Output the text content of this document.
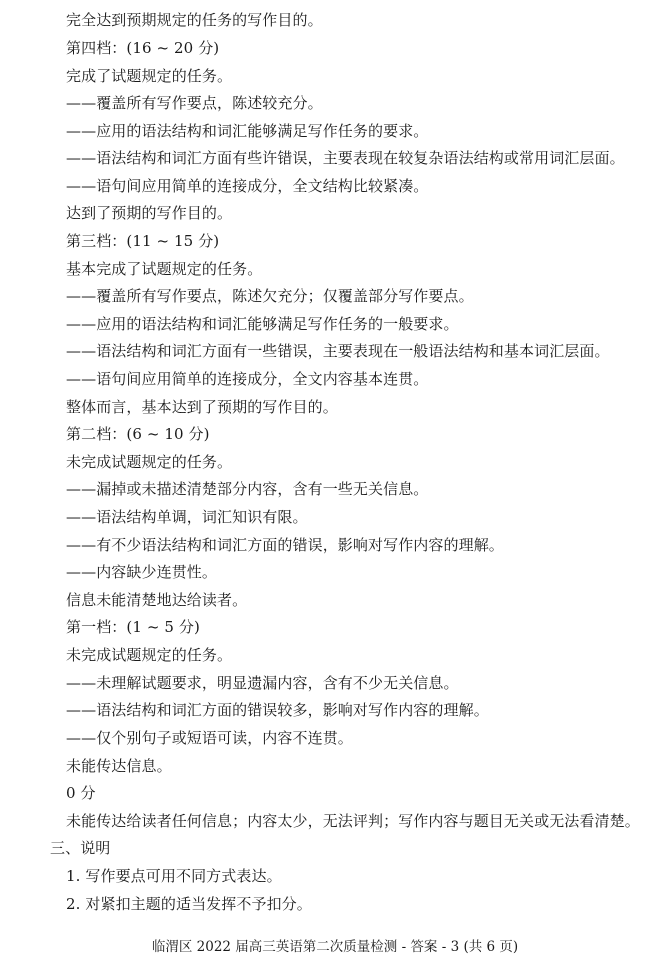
完全达到预期规定的任务的写作目的。
第四档：(16 ~ 20 分)
完成了试题规定的任务。
——覆盖所有写作要点，陈述较充分。
——应用的语法结构和词汇能够满足写作任务的要求。
——语法结构和词汇方面有些许错误，主要表现在较复杂语法结构或常用词汇层面。
——语句间应用简单的连接成分，全文结构比较紧凑。
达到了预期的写作目的。
第三档：(11 ~ 15 分)
基本完成了试题规定的任务。
——覆盖所有写作要点，陈述欠充分；仅覆盖部分写作要点。
——应用的语法结构和词汇能够满足写作任务的一般要求。
——语法结构和词汇方面有一些错误，主要表现在一般语法结构和基本词汇层面。
——语句间应用简单的连接成分，全文内容基本连贯。
整体而言，基本达到了预期的写作目的。
第二档：(6 ~ 10 分)
未完成试题规定的任务。
——漏掉或未描述清楚部分内容，含有一些无关信息。
——语法结构单调，词汇知识有限。
——有不少语法结构和词汇方面的错误，影响对写作内容的理解。
——内容缺少连贯性。
信息未能清楚地达给读者。
第一档：(1 ~ 5 分)
未完成试题规定的任务。
——未理解试题要求，明显遗漏内容，含有不少无关信息。
——语法结构和词汇方面的错误较多，影响对写作内容的理解。
——仅个别句子或短语可读，内容不连贯。
未能传达信息。
0 分
未能传达给读者任何信息；内容太少，无法评判；写作内容与题目无关或无法看清楚。
三、说明
1. 写作要点可用不同方式表达。
2. 对紧扣主题的适当发挥不予扣分。
临渭区 2022 届高三英语第二次质量检测 - 答案 - 3 (共 6 页)
